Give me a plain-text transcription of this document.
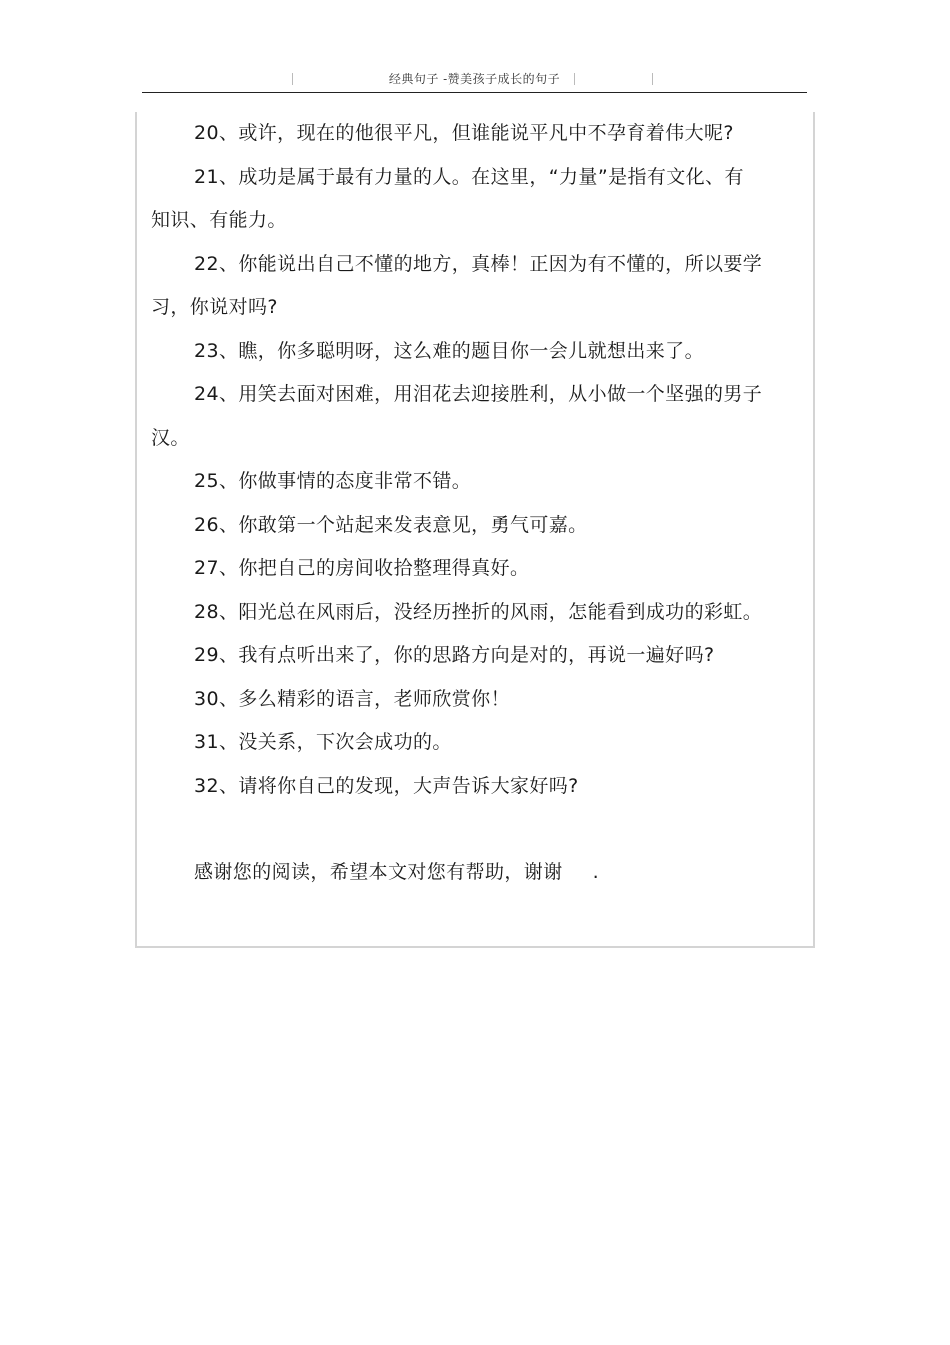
经典句子 -赞美孩子成长的句子

20、或许，现在的他很平凡，但谁能说平凡中不孕育着伟大呢?

21、成功是属于最有力量的人。在这里，“力量”是指有文化、有知识、有能力。

22、你能说出自己不懂的地方，真棒！正因为有不懂的，所以要学习，你说对吗?

23、瞧，你多聪明呀，这么难的题目你一会儿就想出来了。

24、用笑去面对困难，用泪花去迎接胜利，从小做一个坚强的男子汉。

25、你做事情的态度非常不错。

26、你敢第一个站起来发表意见，勇气可嘉。

27、你把自己的房间收拾整理得真好。

28、阳光总在风雨后，没经历挫折的风雨，怎能看到成功的彩虹。

29、我有点听出来了，你的思路方向是对的，再说一遍好吗?

30、多么精彩的语言，老师欣赏你！

31、没关系，下次会成功的。

32、请将你自己的发现，大声告诉大家好吗?

感谢您的阅读，希望本文对您有帮助，谢谢 .
